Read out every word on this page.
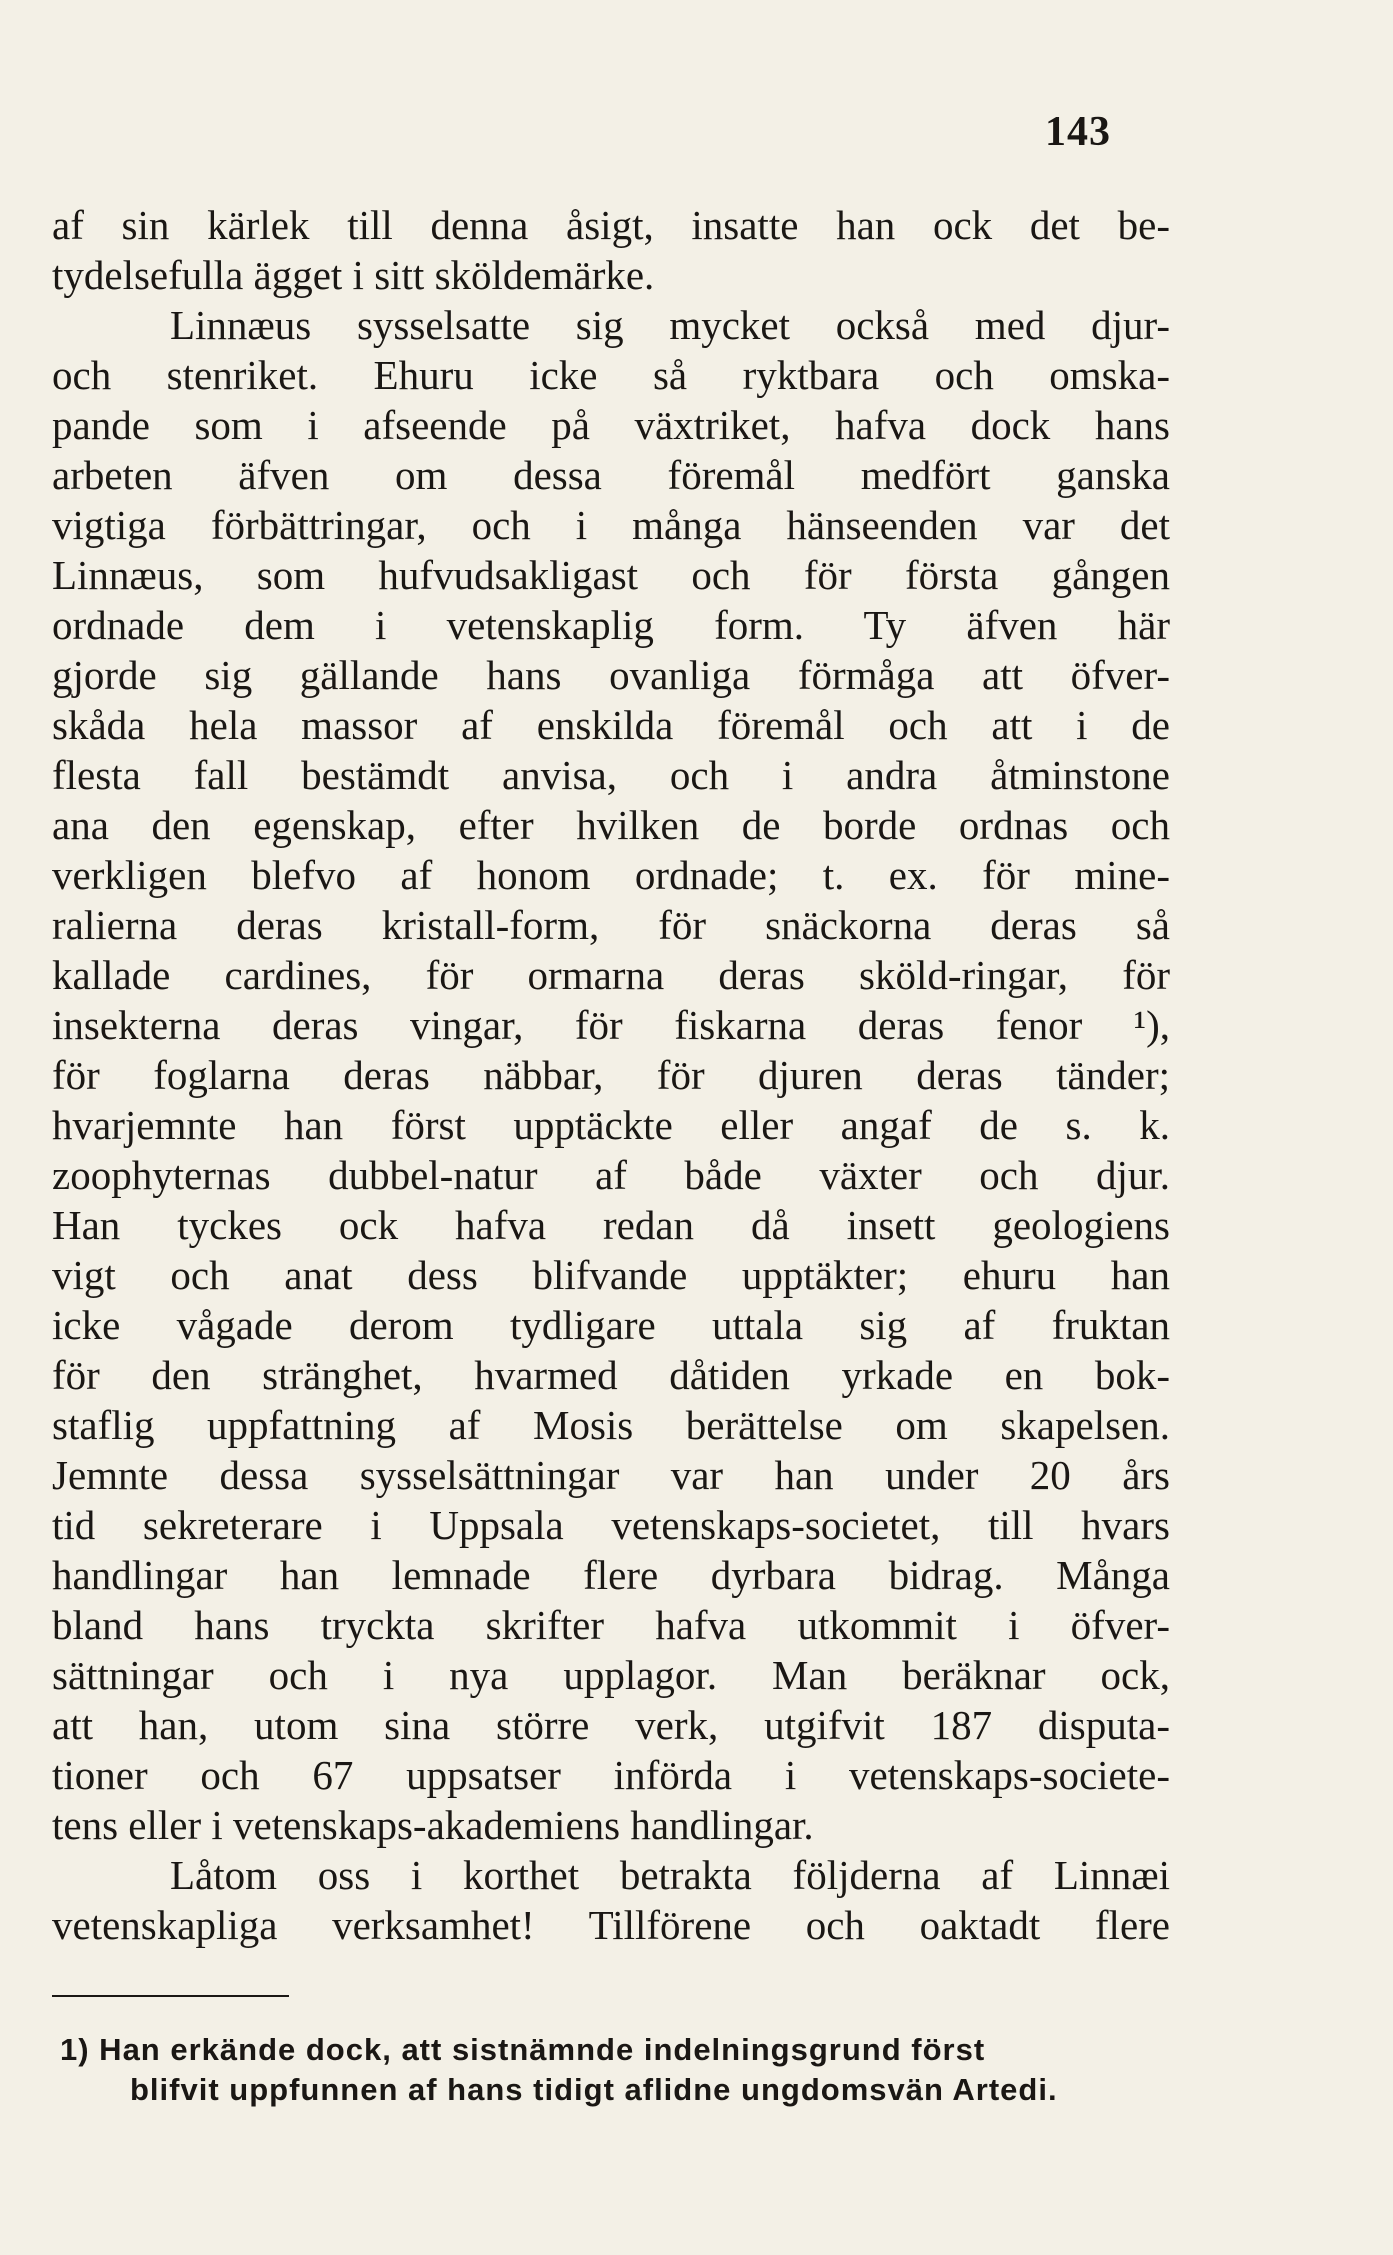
143
af sin kärlek till denna åsigt, insatte han ock det be-
tydelsefulla ägget i sitt sköldemärke.
Linnæus sysselsatte sig mycket också med djur-
och stenriket. Ehuru icke så ryktbara och omska-
pande som i afseende på växtriket, hafva dock hans
arbeten äfven om dessa föremål medfört ganska
vigtiga förbättringar, och i många hänseenden var det
Linnæus, som hufvudsakligast och för första gången
ordnade dem i vetenskaplig form. Ty äfven här
gjorde sig gällande hans ovanliga förmåga att öfver-
skåda hela massor af enskilda föremål och att i de
flesta fall bestämdt anvisa, och i andra åtminstone
ana den egenskap, efter hvilken de borde ordnas och
verkligen blefvo af honom ordnade; t. ex. för mine-
ralierna deras kristall-form, för snäckorna deras så
kallade cardines, för ormarna deras sköld-ringar, för
insekterna deras vingar, för fiskarna deras fenor ¹),
för foglarna deras näbbar, för djuren deras tänder;
hvarjemnte han först upptäckte eller angaf de s. k.
zoophyternas dubbel-natur af både växter och djur.
Han tyckes ock hafva redan då insett geologiens
vigt och anat dess blifvande upptäkter; ehuru han
icke vågade derom tydligare uttala sig af fruktan
för den stränghet, hvarmed dåtiden yrkade en bok-
staflig uppfattning af Mosis berättelse om skapelsen.
Jemnte dessa sysselsättningar var han under 20 års
tid sekreterare i Uppsala vetenskaps-societet, till hvars
handlingar han lemnade flere dyrbara bidrag. Många
bland hans tryckta skrifter hafva utkommit i öfver-
sättningar och i nya upplagor. Man beräknar ock,
att han, utom sina större verk, utgifvit 187 disputa-
tioner och 67 uppsatser införda i vetenskaps-societe-
tens eller i vetenskaps-akademiens handlingar.
Låtom oss i korthet betrakta följderna af Linnæi
vetenskapliga verksamhet! Tillförene och oaktadt flere
1) Han erkände dock, att sistnämnde indelningsgrund först
blifvit uppfunnen af hans tidigt aflidne ungdomsvän Artedi.
